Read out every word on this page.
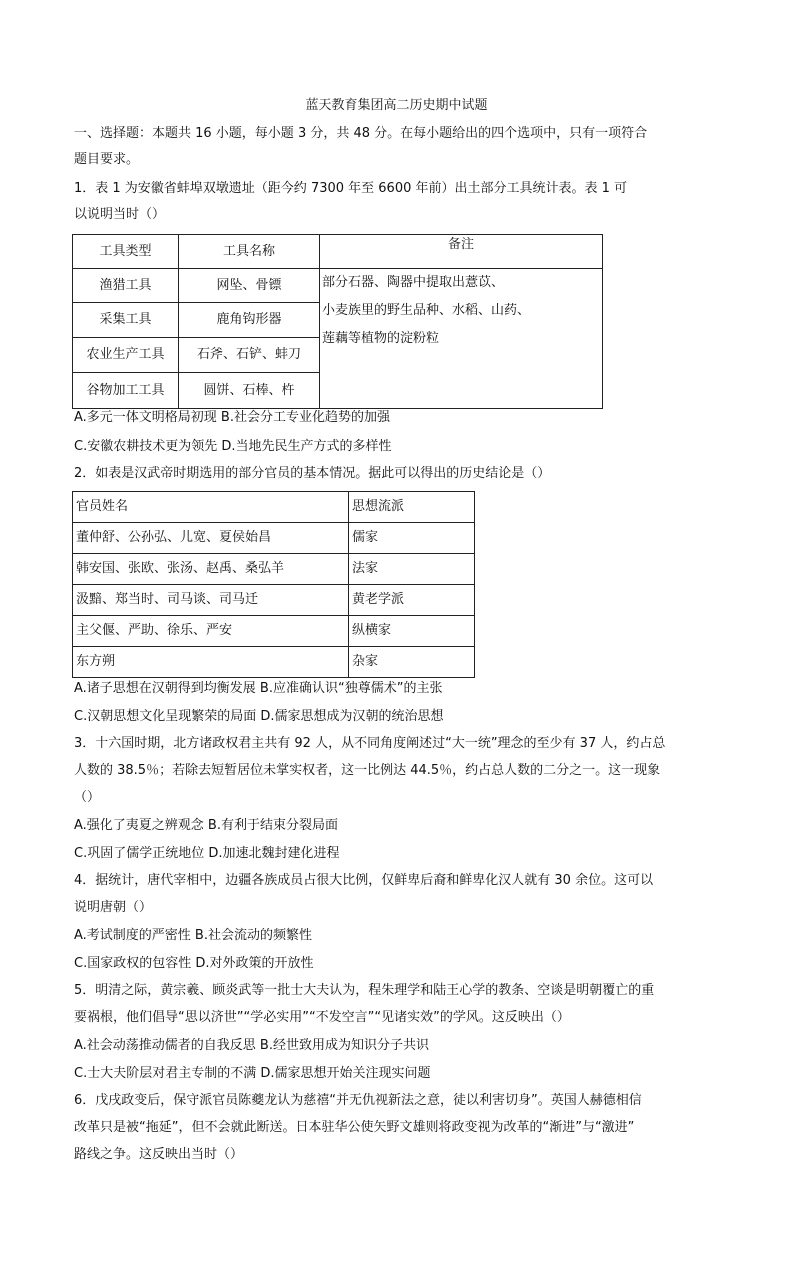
蓝天教育集团高二历史期中试题
一、选择题：本题共 16 小题，每小题 3 分，共 48 分。在每小题给出的四个选项中，只有一项符合
题目要求。
1．表 1 为安徽省蚌埠双墩遗址（距今约 7300 年至 6600 年前）出土部分工具统计表。表 1 可
以说明当时（）
工具类型	工具名称	备注
渔猎工具	网坠、骨镖	部分石器、陶器中提取出薏苡、
小麦族里的野生品种、水稻、山药、
莲藕等植物的淀粉粒

采集工具	鹿角钩形器	
农业生产工具	石斧、石铲、蚌刀	
谷物加工工具	圆饼、石棒、杵	
A.多元一体文明格局初现 B.社会分工专业化趋势的加强
C.安徽农耕技术更为领先 D.当地先民生产方式的多样性
2．如表是汉武帝时期选用的部分官员的基本情况。据此可以得出的历史结论是（）
官员姓名	思想流派
董仲舒、公孙弘、儿宽、夏侯始昌	儒家
韩安国、张欧、张汤、赵禹、桑弘羊	法家
汲黯、郑当时、司马谈、司马迁	黄老学派
主父偃、严助、徐乐、严安	纵横家
东方朔	杂家
A.诸子思想在汉朝得到均衡发展 B.应准确认识“独尊儒术”的主张
C.汉朝思想文化呈现繁荣的局面 D.儒家思想成为汉朝的统治思想
3．十六国时期，北方诸政权君主共有 92 人，从不同角度阐述过“大一统”理念的至少有 37 人，约占总
人数的 38.5％；若除去短暂居位未掌实权者，这一比例达 44.5％，约占总人数的二分之一。这一现象
（）
A.强化了夷夏之辨观念 B.有利于结束分裂局面
C.巩固了儒学正统地位 D.加速北魏封建化进程
4．据统计，唐代宰相中，边疆各族成员占很大比例，仅鲜卑后裔和鲜卑化汉人就有 30 余位。这可以
说明唐朝（）
A.考试制度的严密性 B.社会流动的频繁性
C.国家政权的包容性 D.对外政策的开放性
5．明清之际，黄宗羲、顾炎武等一批士大夫认为，程朱理学和陆王心学的教条、空谈是明朝覆亡的重
要祸根，他们倡导“思以济世”“学必实用”“不发空言”“见诸实效”的学风。这反映出（）
A.社会动荡推动儒者的自我反思 B.经世致用成为知识分子共识
C.士大夫阶层对君主专制的不满 D.儒家思想开始关注现实问题
6．戊戌政变后，保守派官员陈夔龙认为慈禧“并无仇视新法之意，徒以利害切身”。英国人赫德相信
改革只是被“拖延”，但不会就此断送。日本驻华公使矢野文雄则将政变视为改革的“渐进”与“激进”
路线之争。这反映出当时（）
